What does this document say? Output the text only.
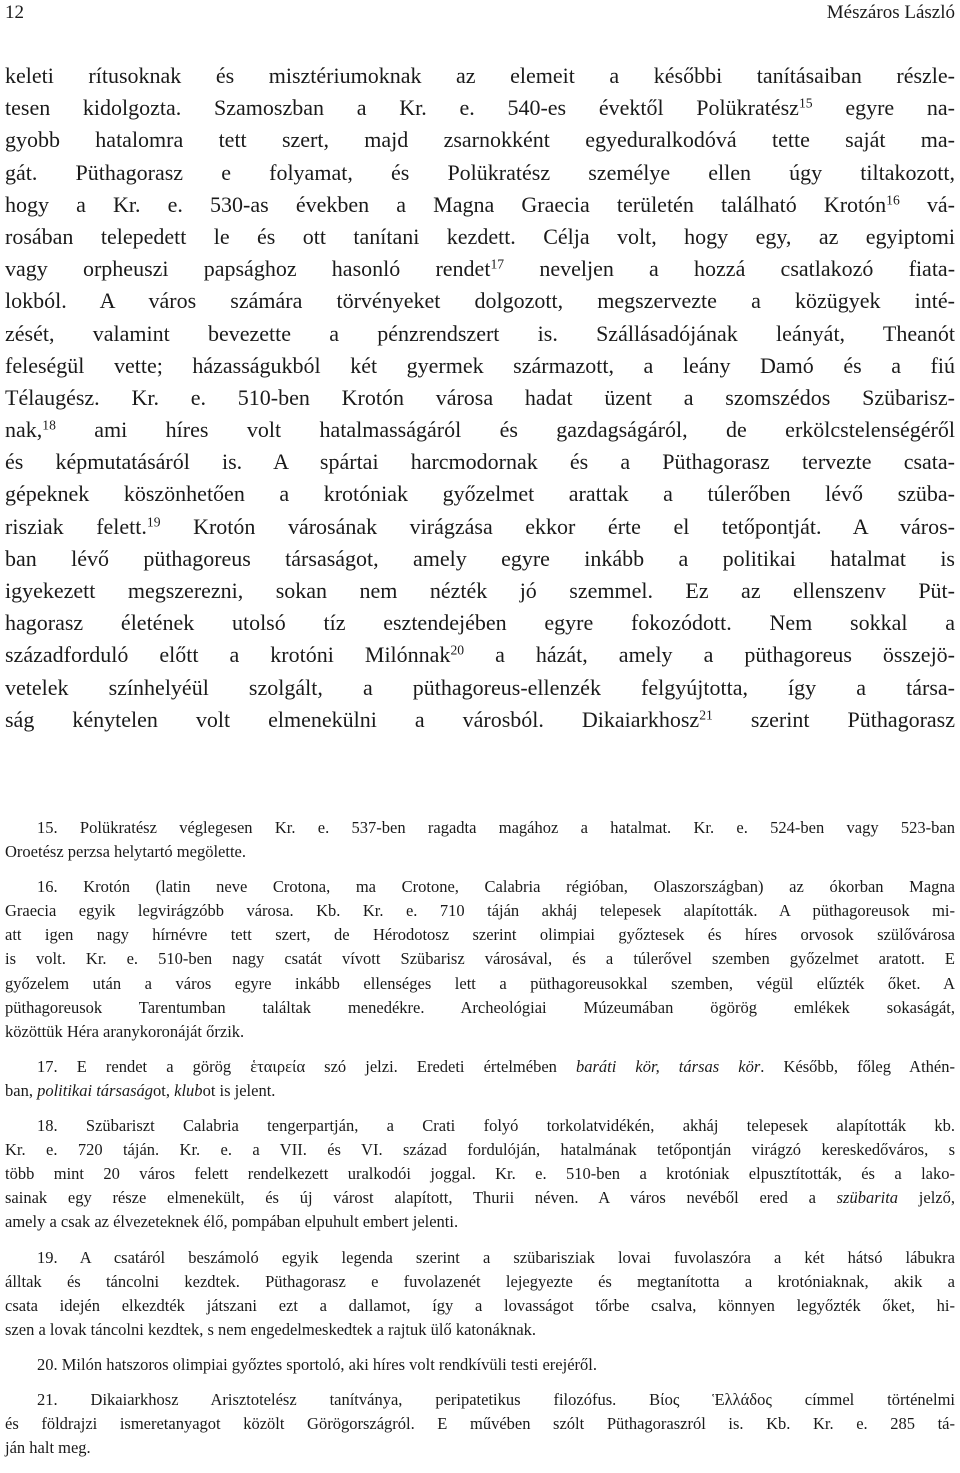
12	Mészáros László
keleti rítusoknak és misztériumoknak az elemeit a későbbi tanításaiban részle-
tesen kidolgozta. Szamoszban a Kr. e. 540-es évektől Polükratész$^{15}$ egyre na-
gyobb hatalomra tett szert, majd zsarnokként egyeduralkodóvá tette saját ma-
gát. Püthagorasz e folyamat, és Polükratész személye ellen úgy tiltakozott,
hogy a Kr. e. 530-as években a Magna Graecia területén található Krotón$^{16}$ vá-
rosában telepedett le és ott tanítani kezdett. Célja volt, hogy egy, az egyiptomi
vagy orpheuszi papsághoz hasonló rendet$^{17}$ neveljen a hozzá csatlakozó fiata-
lokból. A város számára törvényeket dolgozott, megszervezte a közügyek inté-
zését, valamint bevezette a pénzrendszert is. Szállásadójának leányát, Theanót
feleségül vette; házasságukból két gyermek származott, a leány Damó és a fiú
Télaugész. Kr. e. 510-ben Krotón városa hadat üzent a szomszédos Szübarisz-
nak,$^{18}$ ami híres volt hatalmasságáról és gazdagságáról, de erkölcstelenségéről
és képmutatásáról is. A spártai harcmodornak és a Püthagorasz tervezte csata-
gépeknek köszönhetően a krotóniak győzelmet arattak a túlerőben lévő szüba-
risziak felett.$^{19}$ Krotón városának virágzása ekkor érte el tetőpontját. A város-
ban lévő püthagoreus társaságot, amely egyre inkább a politikai hatalmat is
igyekezett megszerezni, sokan nem nézték jó szemmel. Ez az ellenszenv Püt-
hagorasz életének utolsó tíz esztendejében egyre fokozódott. Nem sokkal a
századforduló előtt a krotóni Milónnak$^{20}$ a házát, amely a püthagoreus összejö-
vetelek színhelyéül szolgált, a püthagoreus-ellenzék felgyújtotta, így a társa-
ság kénytelen volt elmenekülni a városból. Dikaiarkhosz$^{21}$ szerint Püthagorasz
15. Polükratész véglegesen Kr. e. 537-ben ragadta magához a hatalmat. Kr. e. 524-ben vagy 523-ban
Oroetész perzsa helytartó megölette.
16. Krotón (latin neve Crotona, ma Crotone, Calabria régióban, Olaszországban) az ókorban Magna
Graecia egyik legvirágzóbb városa. Kb. Kr. e. 710 táján akháj telepesek alapították. A püthagoreusok mi-
att igen nagy hírnévre tett szert, de Hérodotosz szerint olimpiai győztesek és híres orvosok szülővárosa
is volt. Kr. e. 510-ben nagy csatát vívott Szübarisz városával, és a túlerővel szemben győzelmet aratott. E
győzelem után a város egyre inkább ellenséges lett a püthagoreusokkal szemben, végül elűzték őket. A
püthagoreusok Tarentumban találtak menedékre. Archeológiai Múzeumában ögörög emlékek sokaságát,
közöttük Héra aranykoronáját őrzik.
17. E rendet a görög ἑταιρεία szó jelzi. Eredeti értelmében baráti kör, társas kör. Később, főleg Athén-
ban, politikai társaságot, klubot is jelent.
18. Szübariszt Calabria tengerpartján, a Crati folyó torkolatvidékén, akháj telepesek alapították kb.
Kr. e. 720 táján. Kr. e. a VII. és VI. század fordulóján, hatalmának tetőpontján virágzó kereskedőváros, s
több mint 20 város felett rendelkezett uralkodói joggal. Kr. e. 510-ben a krotóniak elpusztították, és a lako-
sainak egy része elmenekült, és új várost alapított, Thurii néven. A város nevéből ered a szübarita jelző,
amely a csak az élvezeteknek élő, pompában elpuhult embert jelenti.
19. A csatáról beszámoló egyik legenda szerint a szübarisziak lovai fuvolaszóra a két hátsó lábukra
álltak és táncolni kezdtek. Püthagorasz e fuvolazenét lejegyezte és megtanította a krotóniaknak, akik a
csata idején elkezdték játszani ezt a dallamot, így a lovasságot tőrbe csalva, könnyen legyőzték őket, hi-
szen a lovak táncolni kezdtek, s nem engedelmeskedtek a rajtuk ülő katonáknak.
20. Milón hatszoros olimpiai győztes sportoló, aki híres volt rendkívüli testi erejéről.
21. Dikaiarkhosz Arisztotelész tanítványa, peripatetikus filozófus. Βίος Ἑλλάδος címmel történelmi
és földrajzi ismeretanyagot közölt Görögországról. E művében szólt Püthagoraszról is. Kb. Kr. e. 285 tá-
ján halt meg.
